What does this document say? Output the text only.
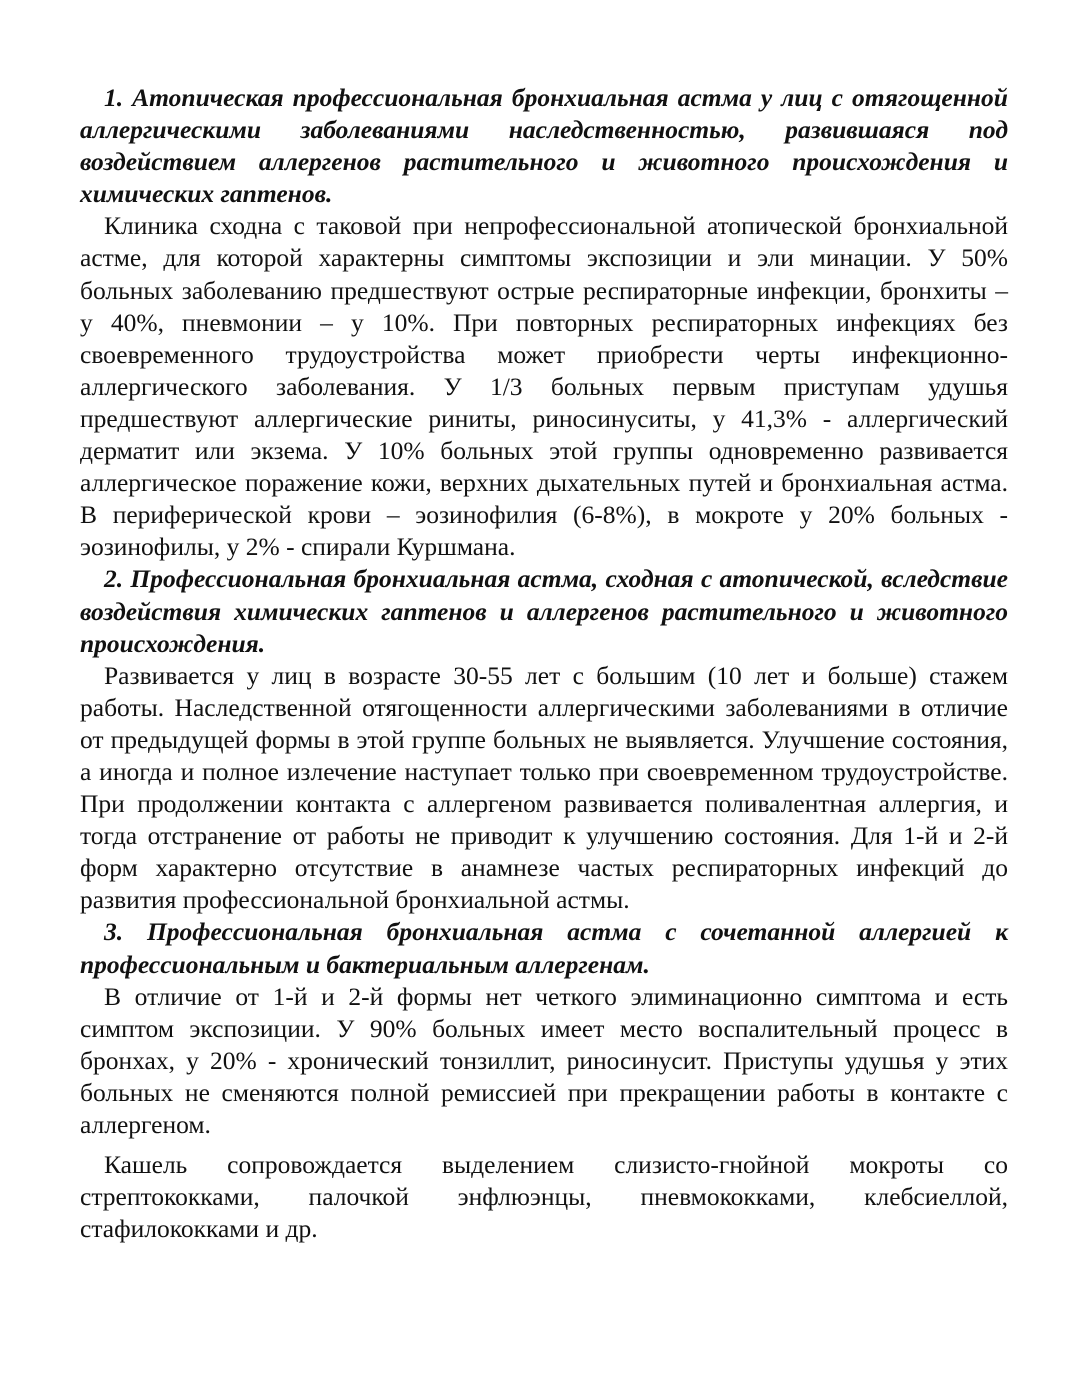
1. Атопическая профессиональная бронхиальная астма у лиц с отягощенной аллергическими заболеваниями наследственностью, развившаяся под воздействием аллергенов растительного и животного происхождения и химических гаптенов.

Клиника сходна с таковой при непрофессиональной атопической бронхиальной астме, для которой характерны симптомы экспозиции и эли минации. У 50% больных заболеванию предшествуют острые респираторные инфекции, бронхиты – у 40%, пневмонии – у 10%. При повторных респираторных инфекциях без своевременного трудоустройства может приобрести черты инфекционно-аллергического заболевания. У 1/3 больных первым приступам удушья предшествуют аллергические риниты, риносинуситы, у 41,3% - аллергический дерматит или экзема. У 10% больных этой группы одновременно развивается аллергическое поражение кожи, верхних дыхательных путей и бронхиальная астма. В периферической крови – эозинофилия (6-8%), в мокроте у 20% больных - эозинофилы, у 2% - спирали Куршмана.

2. Профессиональная бронхиальная астма, сходная с атопической, вследствие воздействия химических гаптенов и аллергенов растительного и животного происхождения.

Развивается у лиц в возрасте 30-55 лет с большим (10 лет и больше) стажем работы. Наследственной отягощенности аллергическими заболеваниями в отличие от предыдущей формы в этой группе больных не выявляется. Улучшение состояния, а иногда и полное излечение наступает только при своевременном трудоустройстве. При продолжении контакта с аллергеном развивается поливалентная аллергия, и тогда отстранение от работы не приводит к улучшению состояния. Для 1-й и 2-й форм характерно отсутствие в анамнезе частых респираторных инфекций до развития профессиональной бронхиальной астмы.

3. Профессиональная бронхиальная астма с сочетанной аллергией к профессиональным и бактериальным аллергенам.

В отличие от 1-й и 2-й формы нет четкого элиминационно симптома и есть симптом экспозиции. У 90% больных имеет место воспалительный процесс в бронхах, у 20% - хронический тонзиллит, риносинусит. Приступы удушья у этих больных не сменяются полной ремиссией при прекращении работы в контакте с аллергеном.

Кашель сопровождается выделением слизисто-гнойной мокроты со стрептококками, палочкой энфлюэнцы, пневмококками, клебсиеллой, стафилококками и др.
